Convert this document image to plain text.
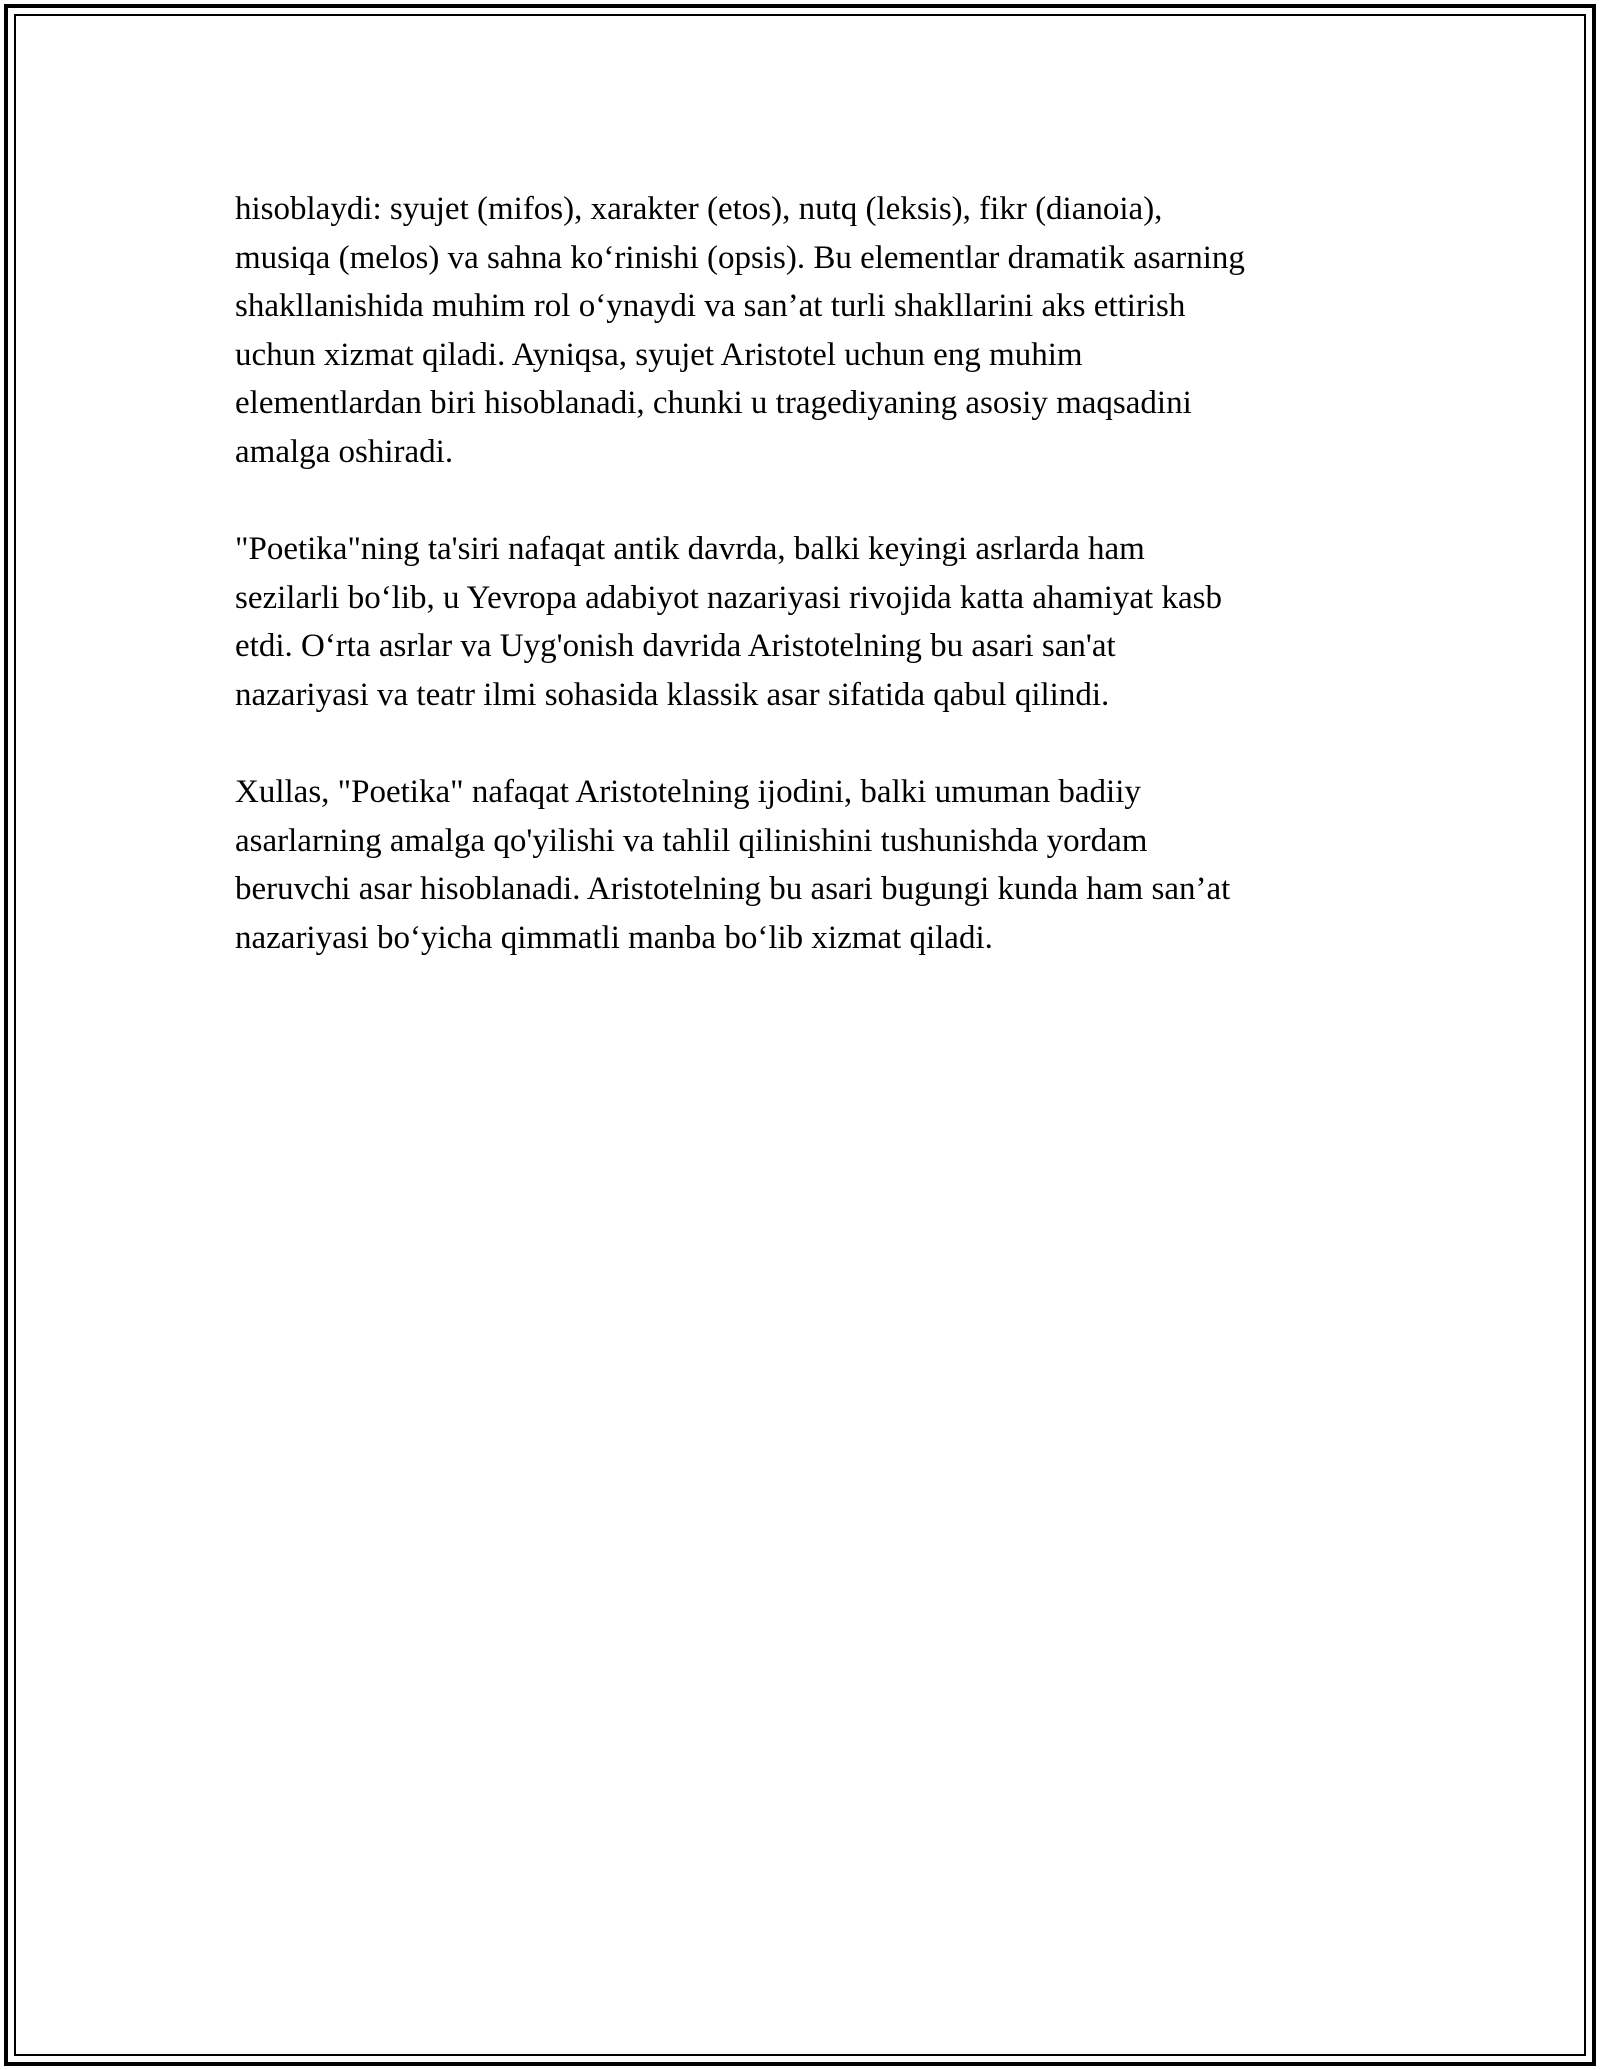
hisoblaydi: syujet (mifos), xarakter (etos), nutq (leksis), fikr (dianoia),
musiqa (melos) va sahna ko‘rinishi (opsis). Bu elementlar dramatik asarning
shakllanishida muhim rol o‘ynaydi va san’at turli shakllarini aks ettirish
uchun xizmat qiladi. Ayniqsa, syujet Aristotel uchun eng muhim
elementlardan biri hisoblanadi, chunki u tragediyaning asosiy maqsadini
amalga oshiradi.

"Poetika"ning ta'siri nafaqat antik davrda, balki keyingi asrlarda ham
sezilarli bo‘lib, u Yevropa adabiyot nazariyasi rivojida katta ahamiyat kasb
etdi. O‘rta asrlar va Uyg'onish davrida Aristotelning bu asari san'at
nazariyasi va teatr ilmi sohasida klassik asar sifatida qabul qilindi.

Xullas, "Poetika" nafaqat Aristotelning ijodini, balki umuman badiiy
asarlarning amalga qo'yilishi va tahlil qilinishini tushunishda yordam
beruvchi asar hisoblanadi. Aristotelning bu asari bugungi kunda ham san’at
nazariyasi bo‘yicha qimmatli manba bo‘lib xizmat qiladi.
